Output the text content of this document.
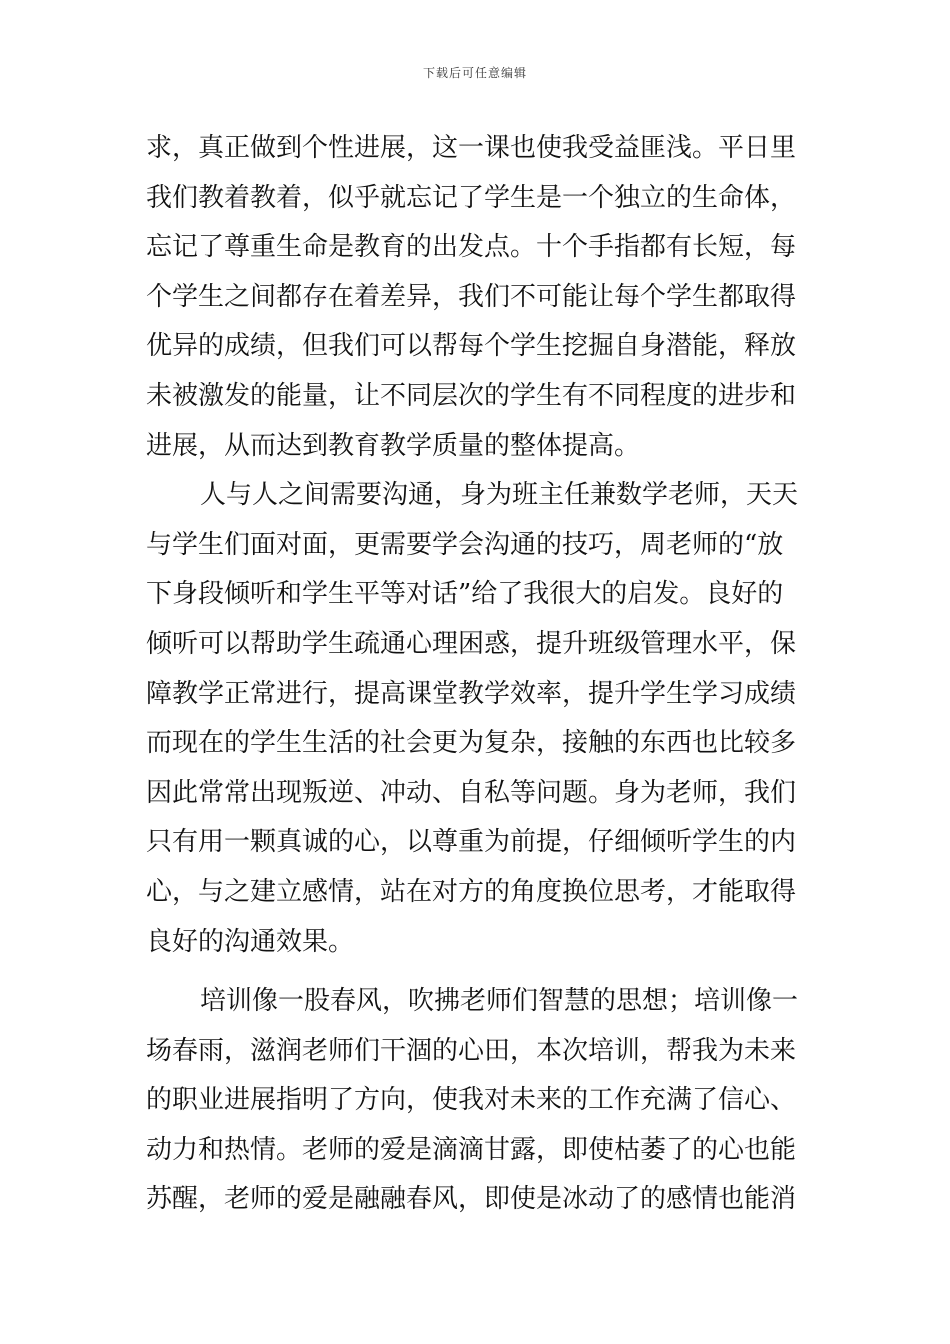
下载后可任意编辑
求，真正做到个性进展，这一课也使我受益匪浅。平日里
我们教着教着，似乎就忘记了学生是一个独立的生命体，
忘记了尊重生命是教育的出发点。十个手指都有长短，每
个学生之间都存在着差异，我们不可能让每个学生都取得
优异的成绩，但我们可以帮每个学生挖掘自身潜能，释放
未被激发的能量，让不同层次的学生有不同程度的进步和
进展，从而达到教育教学质量的整体提高。
人与人之间需要沟通，身为班主任兼数学老师，天天
与学生们面对面，更需要学会沟通的技巧，周老师的“放
下身段倾听和学生平等对话”给了我很大的启发。良好的
倾听可以帮助学生疏通心理困惑，提升班级管理水平，保
障教学正常进行，提高课堂教学效率，提升学生学习成绩
而现在的学生生活的社会更为复杂，接触的东西也比较多
因此常常出现叛逆、冲动、自私等问题。身为老师，我们
只有用一颗真诚的心，以尊重为前提，仔细倾听学生的内
心，与之建立感情，站在对方的角度换位思考，才能取得
良好的沟通效果。
培训像一股春风，吹拂老师们智慧的思想；培训像一
场春雨，滋润老师们干涸的心田，本次培训，帮我为未来
的职业进展指明了方向，使我对未来的工作充满了信心、
动力和热情。老师的爱是滴滴甘露，即使枯萎了的心也能
苏醒，老师的爱是融融春风，即使是冰动了的感情也能消
